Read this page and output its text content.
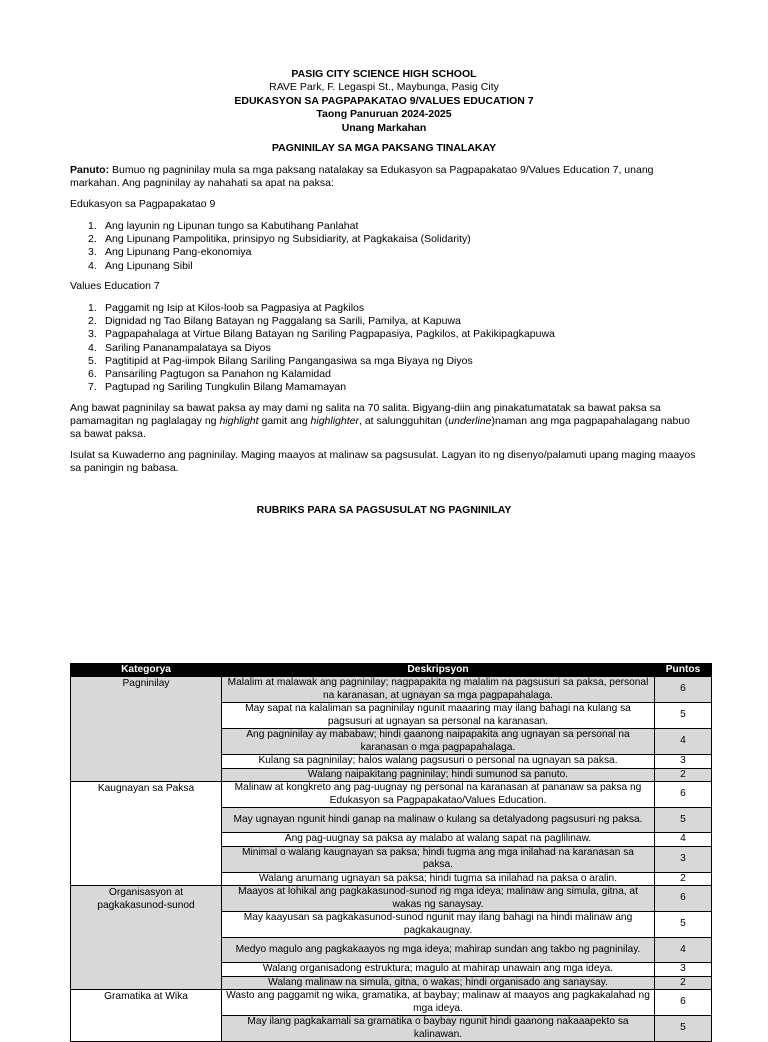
PASIG CITY SCIENCE HIGH SCHOOL
RAVE Park, F. Legaspi St., Maybunga, Pasig City
EDUKASYON SA PAGPAPAKATAO 9/VALUES EDUCATION 7
Taong Panuruan 2024-2025
Unang Markahan
PAGNINILAY SA MGA PAKSANG TINALAKAY

Panuto: Bumuo ng pagninilay mula sa mga paksang natalakay sa Edukasyon sa Pagpapakatao 9/Values Education 7, unang markahan. Ang pagninilay ay nahahati sa apat na paksa:

Edukasyon sa Pagpapakatao 9
1. Ang layunin ng Lipunan tungo sa Kabutihang Panlahat
2. Ang Lipunang Pampolitika, prinsipyo ng Subsidiarity, at Pagkakaisa (Solidarity)
3. Ang Lipunang Pang-ekonomiya
4. Ang Lipunang Sibil
Values Education 7
1. Paggamit ng Isip at Kilos-loob sa Pagpasiya at Pagkilos
2. Dignidad ng Tao Bilang Batayan ng Paggalang sa Sarili, Pamilya, at Kapuwa
3. Pagpapahalaga at Virtue Bilang Batayan ng Sariling Pagpapasiya, Pagkilos, at Pakikipagkapuwa
4. Sariling Pananampalataya sa Diyos
5. Pagtitipid at Pag-iimpok Bilang Sariling Pangangasiwa sa mga Biyaya ng Diyos
6. Pansariling Pagtugon sa Panahon ng Kalamidad
7. Pagtupad ng Sariling Tungkulin Bilang Mamamayan

Ang bawat pagninilay sa bawat paksa ay may dami ng salita na 70 salita. Bigyang-diin ang pinakatumatatak sa bawat paksa sa pamamagitan ng paglalagay ng highlight gamit ang highlighter, at salungguhitan (underline)naman ang mga pagpapahalagang nabuo sa bawat paksa.

Isulat sa Kuwaderno ang pagninilay. Maging maayos at malinaw sa pagsusulat. Lagyan ito ng disenyo/palamuti upang maging maayos sa paningin ng babasa.
RUBRIKS PARA SA PAGSUSULAT NG PAGNINILAY
Kategorya	Deskripsyon	Puntos
Pagninilay	Malalim at malawak ang pagninilay; nagpapakita ng malalim na pagsusuri sa paksa, personal na karanasan, at ugnayan sa mga pagpapahalaga.	6
	May sapat na kalaliman sa pagninilay ngunit maaaring may ilang bahagi na kulang sa pagsusuri at ugnayan sa personal na karanasan.	5
	Ang pagninilay ay mababaw; hindi gaanong naipapakita ang ugnayan sa personal na karanasan o mga pagpapahalaga.	4
	Kulang sa pagninilay; halos walang pagsusuri o personal na ugnayan sa paksa.	3
	Walang naipakitang pagninilay; hindi sumunod sa panuto.	2
Kaugnayan sa Paksa	Malinaw at kongkreto ang pag-uugnay ng personal na karanasan at pananaw sa paksa ng Edukasyon sa Pagpapakatao/Values Education.	6
	May ugnayan ngunit hindi ganap na malinaw o kulang sa detalyadong pagsusuri ng paksa.	5
	Ang pag-uugnay sa paksa ay malabo at walang sapat na paglilinaw.	4
	Minimal o walang kaugnayan sa paksa; hindi tugma ang mga inilahad na karanasan sa paksa.	3
	Walang anumang ugnayan sa paksa; hindi tugma sa inilahad na paksa o aralin.	2
Organisasyon at pagkakasunod-sunod	Maayos at lohikal ang pagkakasunod-sunod ng mga ideya; malinaw ang simula, gitna, at wakas ng sanaysay.	6
	May kaayusan sa pagkakasunod-sunod ngunit may ilang bahagi na hindi malinaw ang pagkakaugnay.	5
	Medyo magulo ang pagkakaayos ng mga ideya; mahirap sundan ang takbo ng pagninilay.	4
	Walang organisadong estruktura; magulo at mahirap unawain ang mga ideya.	3
	Walang malinaw na simula, gitna, o wakas; hindi organisado ang sanaysay.	2
Gramatika at Wika	Wasto ang paggamit ng wika, gramatika, at baybay; malinaw at maayos ang pagkakalahad ng mga ideya.	6
	May ilang pagkakamali sa gramatika o baybay ngunit hindi gaanong nakaaapekto sa kalinawan.	5
